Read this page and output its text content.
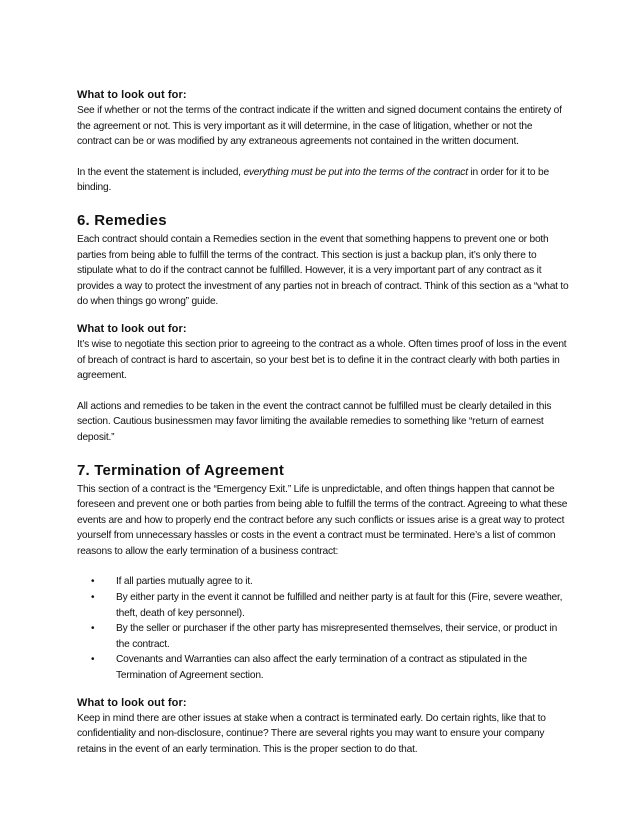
What to look out for:

See if whether or not the terms of the contract indicate if the written and signed document contains the entirety of the agreement or not. This is very important as it will determine, in the case of litigation, whether or not the contract can be or was modified by any extraneous agreements not contained in the written document.

In the event the statement is included, everything must be put into the terms of the contract in order for it to be binding.

6. Remedies

Each contract should contain a Remedies section in the event that something happens to prevent one or both parties from being able to fulfill the terms of the contract. This section is just a backup plan, it’s only there to stipulate what to do if the contract cannot be fulfilled. However, it is a very important part of any contract as it provides a way to protect the investment of any parties not in breach of contract. Think of this section as a “what to do when things go wrong” guide.

What to look out for:

It’s wise to negotiate this section prior to agreeing to the contract as a whole. Often times proof of loss in the event of breach of contract is hard to ascertain, so your best bet is to define it in the contract clearly with both parties in agreement.

All actions and remedies to be taken in the event the contract cannot be fulfilled must be clearly detailed in this section. Cautious businessmen may favor limiting the available remedies to something like “return of earnest deposit.”

7. Termination of Agreement

This section of a contract is the “Emergency Exit.” Life is unpredictable, and often things happen that cannot be foreseen and prevent one or both parties from being able to fulfill the terms of the contract. Agreeing to what these events are and how to properly end the contract before any such conflicts or issues arise is a great way to protect yourself from unnecessary hassles or costs in the event a contract must be terminated. Here’s a list of common reasons to allow the early termination of a business contract:

• If all parties mutually agree to it.
• By either party in the event it cannot be fulfilled and neither party is at fault for this (Fire, severe weather, theft, death of key personnel).
• By the seller or purchaser if the other party has misrepresented themselves, their service, or product in the contract.
• Covenants and Warranties can also affect the early termination of a contract as stipulated in the Termination of Agreement section.

What to look out for:

Keep in mind there are other issues at stake when a contract is terminated early. Do certain rights, like that to confidentiality and non-disclosure, continue? There are several rights you may want to ensure your company retains in the event of an early termination. This is the proper section to do that.
